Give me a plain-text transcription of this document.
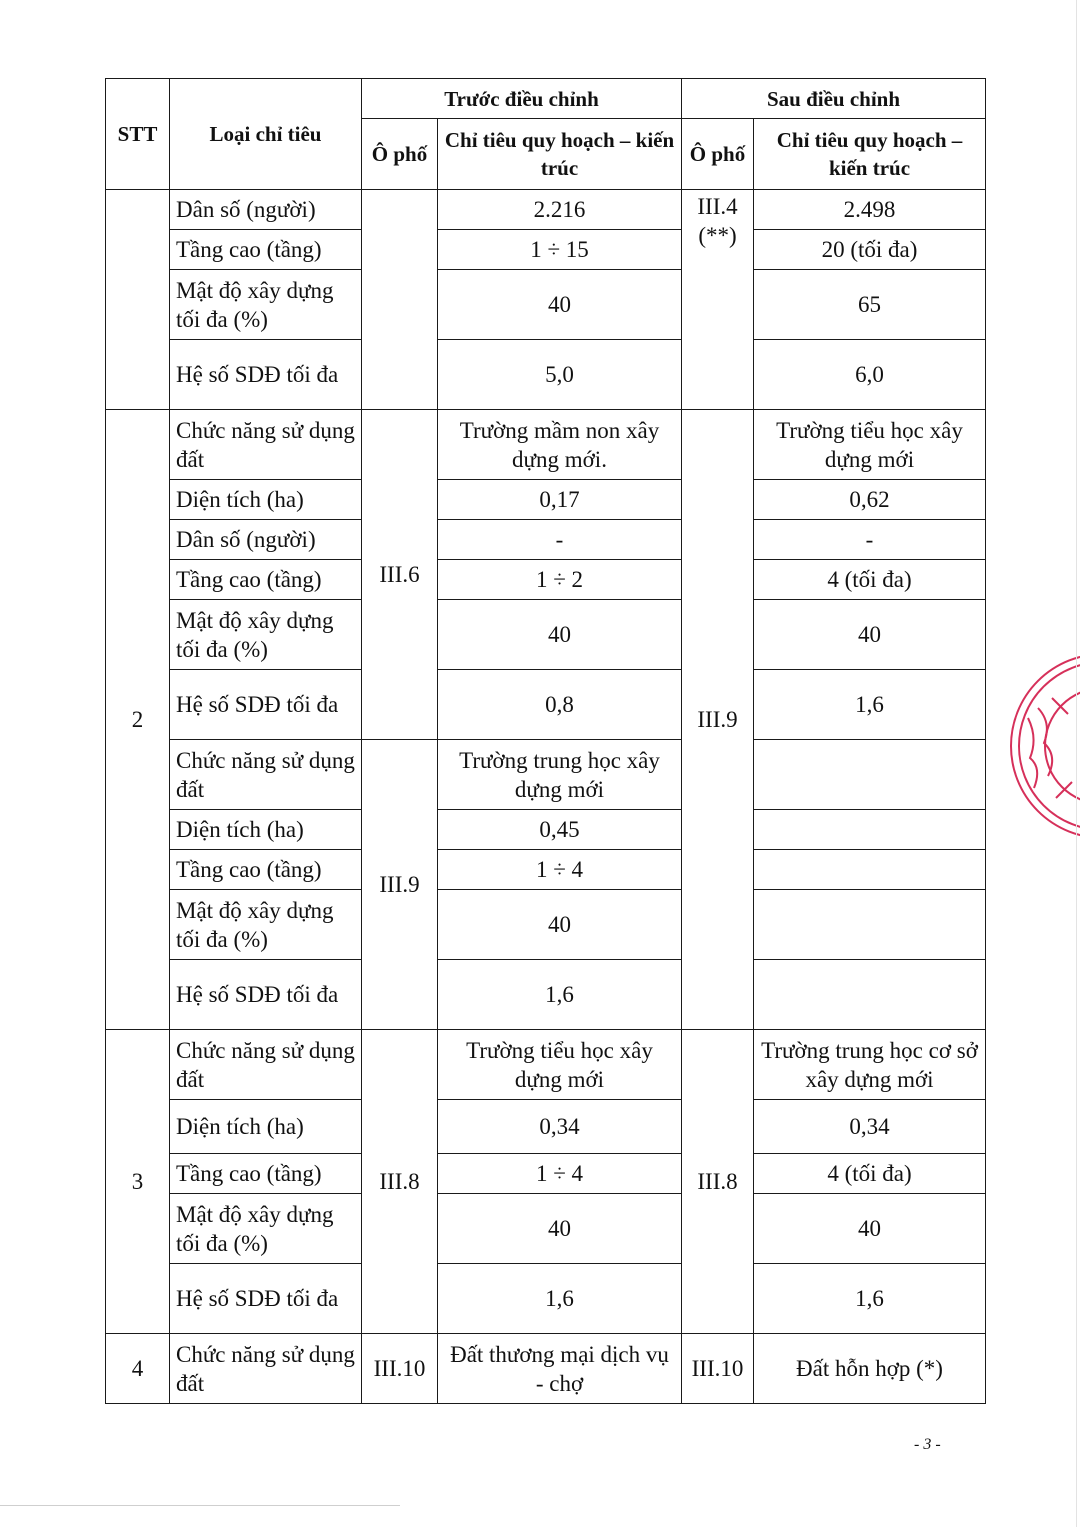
STT	Loại chỉ tiêu	Trước điều chỉnh		Sau điều chỉnh	
		Ô phố	Chỉ tiêu quy hoạch – kiến trúc	Ô phố	Chỉ tiêu quy hoạch – kiến trúc
	Dân số (người)		2.216	III.4 (**)	2.498
	Tầng cao (tầng)		1 ÷ 15		20 (tối đa)
	Mật độ xây dựng tối đa (%)		40		65
	Hệ số SDĐ tối đa		5,0		6,0
2	Chức năng sử dụng đất	III.6	Trường mầm non xây dựng mới.	III.9	Trường tiểu học xây dựng mới
	Diện tích (ha)		0,17		0,62
	Dân số (người)		-		-
	Tầng cao (tầng)		1 ÷ 2		4 (tối đa)
	Mật độ xây dựng tối đa (%)		40		40
	Hệ số SDĐ tối đa		0,8		1,6
	Chức năng sử dụng đất	III.9	Trường trung học xây dựng mới		
	Diện tích (ha)		0,45		
	Tầng cao (tầng)		1 ÷ 4		
	Mật độ xây dựng tối đa (%)		40		
	Hệ số SDĐ tối đa		1,6		
3	Chức năng sử dụng đất	III.8	Trường tiểu học xây dựng mới	III.8	Trường trung học cơ sở xây dựng mới
	Diện tích (ha)		0,34		0,34
	Tầng cao (tầng)		1 ÷ 4		4 (tối đa)
	Mật độ xây dựng tối đa (%)		40		40
	Hệ số SDĐ tối đa		1,6		1,6
4	Chức năng sử dụng đất	III.10	Đất thương mại dịch vụ - chợ	III.10	Đất hỗn hợp (*)
- 3 -
